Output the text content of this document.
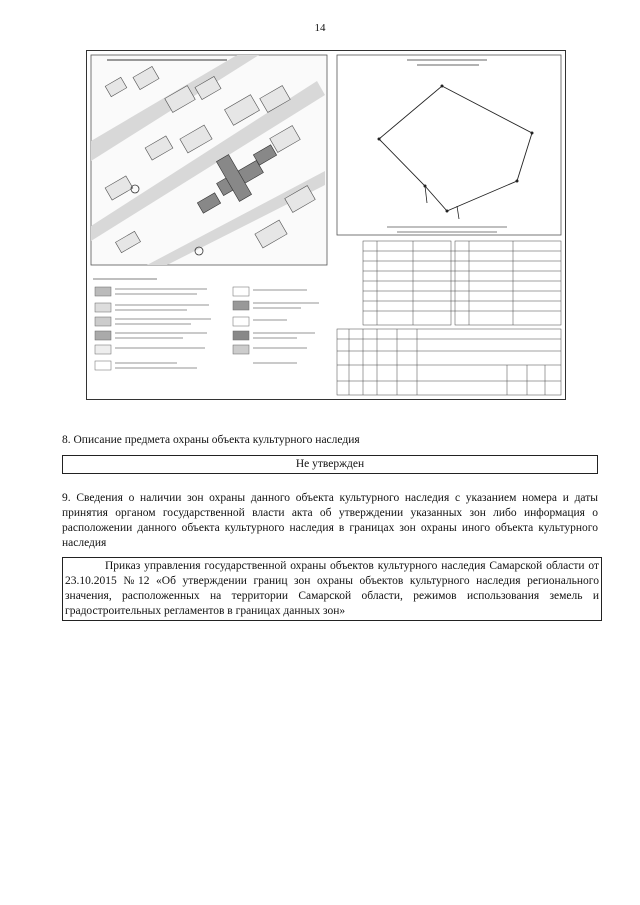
14
8. Описание предмета охраны объекта культурного наследия
Не утвержден
9. Сведения о наличии зон охраны данного объекта культурного наследия с указанием номера и даты принятия органом государственной власти акта об утверждении указанных зон либо информация о расположении данного объекта культурного наследия в границах зон охраны иного объекта культурного наследия
Приказ управления государственной охраны объектов культурного наследия Самарской области от 23.10.2015 №12 «Об утверждении границ зон охраны объектов культурного наследия регионального значения, расположенных на территории Самарской области, режимов использования земель и градостроительных регламентов в границах данных зон»
